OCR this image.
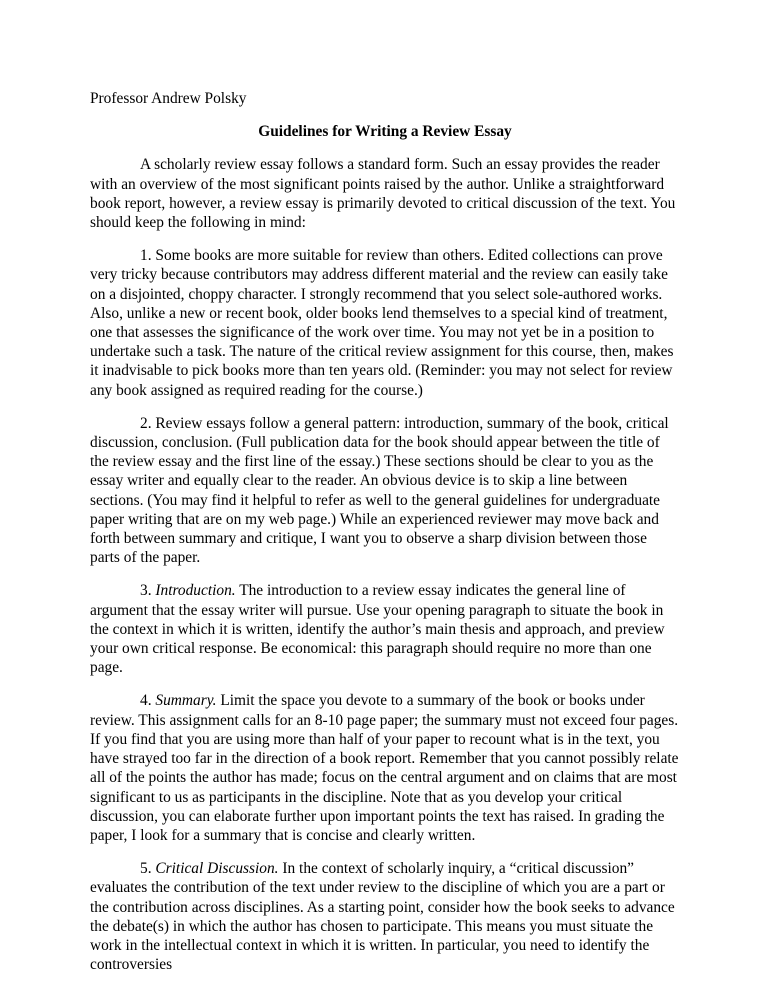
Professor Andrew Polsky

Guidelines for Writing a Review Essay

A scholarly review essay follows a standard form. Such an essay provides the reader with an overview of the most significant points raised by the author. Unlike a straightforward book report, however, a review essay is primarily devoted to critical discussion of the text. You should keep the following in mind:

1. Some books are more suitable for review than others. Edited collections can prove very tricky because contributors may address different material and the review can easily take on a disjointed, choppy character. I strongly recommend that you select sole-authored works. Also, unlike a new or recent book, older books lend themselves to a special kind of treatment, one that assesses the significance of the work over time. You may not yet be in a position to undertake such a task. The nature of the critical review assignment for this course, then, makes it inadvisable to pick books more than ten years old. (Reminder: you may not select for review any book assigned as required reading for the course.)

2. Review essays follow a general pattern: introduction, summary of the book, critical discussion, conclusion. (Full publication data for the book should appear between the title of the review essay and the first line of the essay.) These sections should be clear to you as the essay writer and equally clear to the reader. An obvious device is to skip a line between sections. (You may find it helpful to refer as well to the general guidelines for undergraduate paper writing that are on my web page.) While an experienced reviewer may move back and forth between summary and critique, I want you to observe a sharp division between those parts of the paper.

3. Introduction. The introduction to a review essay indicates the general line of argument that the essay writer will pursue. Use your opening paragraph to situate the book in the context in which it is written, identify the author’s main thesis and approach, and preview your own critical response. Be economical: this paragraph should require no more than one page.

4. Summary. Limit the space you devote to a summary of the book or books under review. This assignment calls for an 8-10 page paper; the summary must not exceed four pages. If you find that you are using more than half of your paper to recount what is in the text, you have strayed too far in the direction of a book report. Remember that you cannot possibly relate all of the points the author has made; focus on the central argument and on claims that are most significant to us as participants in the discipline. Note that as you develop your critical discussion, you can elaborate further upon important points the text has raised. In grading the paper, I look for a summary that is concise and clearly written.

5. Critical Discussion. In the context of scholarly inquiry, a “critical discussion” evaluates the contribution of the text under review to the discipline of which you are a part or the contribution across disciplines. As a starting point, consider how the book seeks to advance the debate(s) in which the author has chosen to participate. This means you must situate the work in the intellectual context in which it is written. In particular, you need to identify the controversies
